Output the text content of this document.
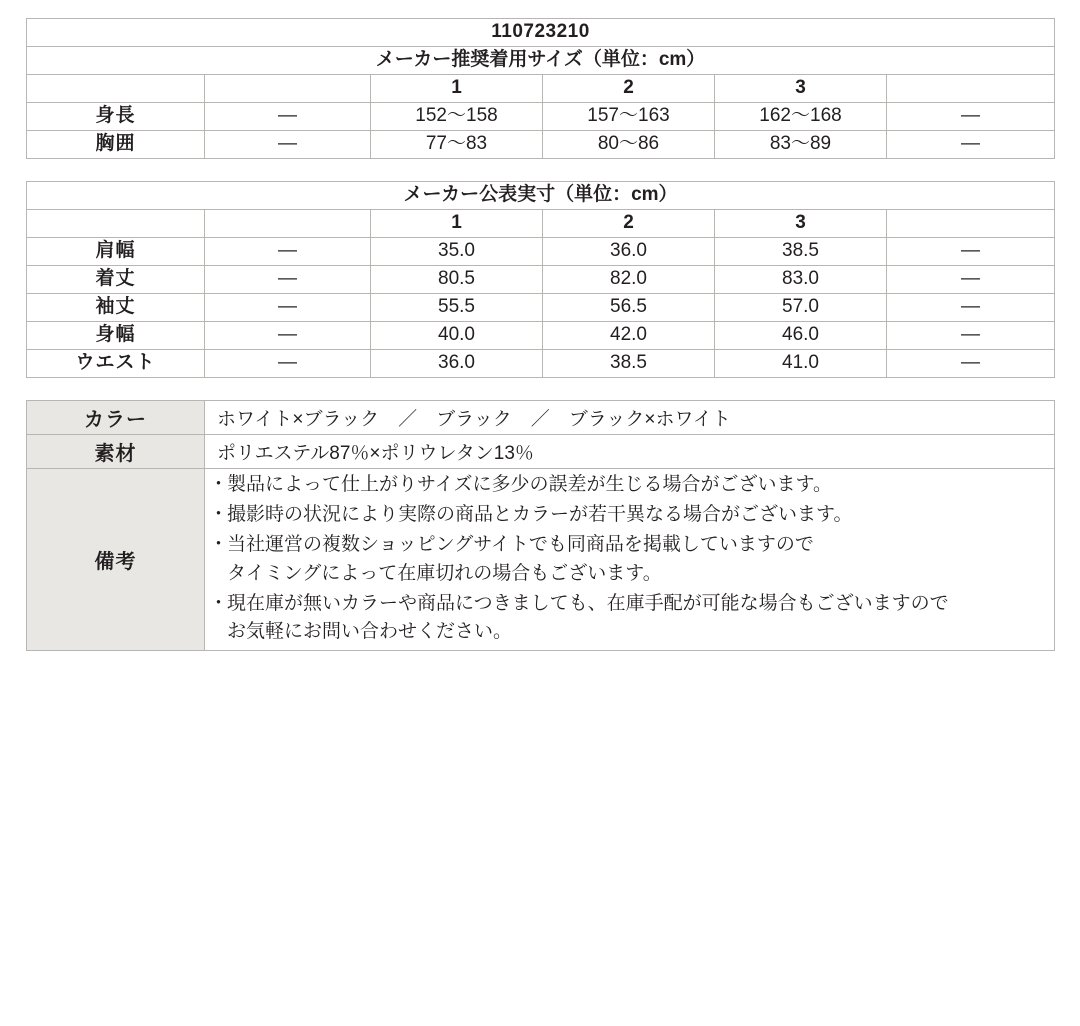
110723210					
メーカー推奨着用サイズ（単位：cm）					
		1	2	3	
身長	―	152～158	157～163	162～168	―
胸囲	―	77～83	80～86	83～89	―
メーカー公表実寸（単位：cm）					
		1	2	3	
肩幅	―	35.0	36.0	38.5	―
着丈	―	80.5	82.0	83.0	―
袖丈	―	55.5	56.5	57.0	―
身幅	―	40.0	42.0	46.0	―
ウエスト	―	36.0	38.5	41.0	―
カラー	ホワイト×ブラック　／　ブラック　／　ブラック×ホワイト
素材	ポリエステル87％×ポリウレタン13％
備考	
・ 製品によって仕上がりサイズに多少の誤差が生じる場合がございます。
・ 撮影時の状況により実際の商品とカラーが若干異なる場合がございます。
・ 当社運営の複数ショッピングサイトでも同商品を掲載していますので
タイミングによって在庫切れの場合もございます。
・ 現在庫が無いカラーや商品につきましても、在庫手配が可能な場合もございますので
お気軽にお問い合わせください。
